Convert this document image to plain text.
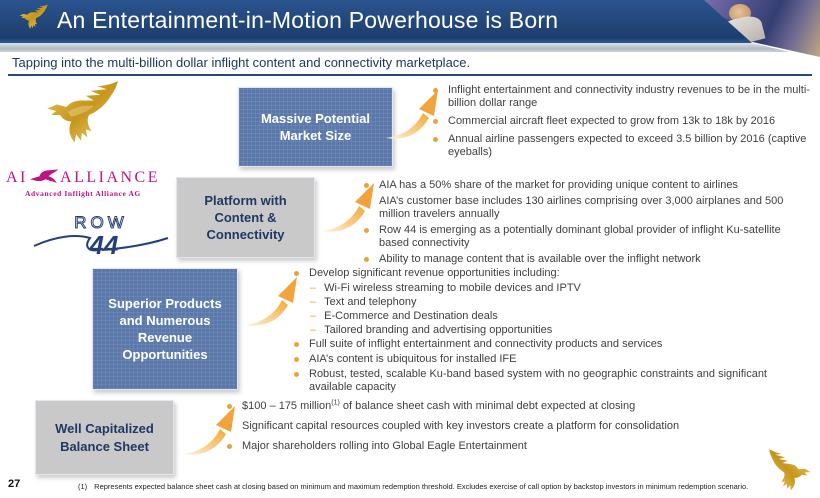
An Entertainment-in-Motion Powerhouse is Born
Tapping into the multi-billion dollar inflight content and connectivity marketplace.
AI ALLIANCE
Advanced Inflight Alliance AG
ROW
44
Massive Potential Market Size
Platform with Content & Connectivity
Superior Products and Numerous Revenue Opportunities
Well Capitalized Balance Sheet
Inflight entertainment and connectivity industry revenues to be in the multi-billion dollar range
Commercial aircraft fleet expected to grow from 13k to 18k by 2016
Annual airline passengers expected to exceed 3.5 billion by 2016 (captive eyeballs)
AIA has a 50% share of the market for providing unique content to airlines
AIA’s customer base includes 130 airlines comprising over 3,000 airplanes and 500 million travelers annually
Row 44 is emerging as a potentially dominant global provider of inflight Ku-satellite based connectivity
Ability to manage content that is available over the inflight network
Develop significant revenue opportunities including:
–
Wi-Fi wireless streaming to mobile devices and IPTV
–
Text and telephony
–
E-Commerce and Destination deals
–
Tailored branding and advertising opportunities
Full suite of inflight entertainment and connectivity products and services
AIA’s content is ubiquitous for installed IFE
Robust, tested, scalable Ku-band based system with no geographic constraints and significant available capacity
$100 – 175 million$^{(1)}$ of balance sheet cash with minimal debt expected at closing
Significant capital resources coupled with key investors create a platform for consolidation
Major shareholders rolling into Global Eagle Entertainment
27	(1) Represents expected balance sheet cash at closing based on minimum and maximum redemption threshold. Excludes exercise of call option by backstop investors in minimum redemption scenario.
